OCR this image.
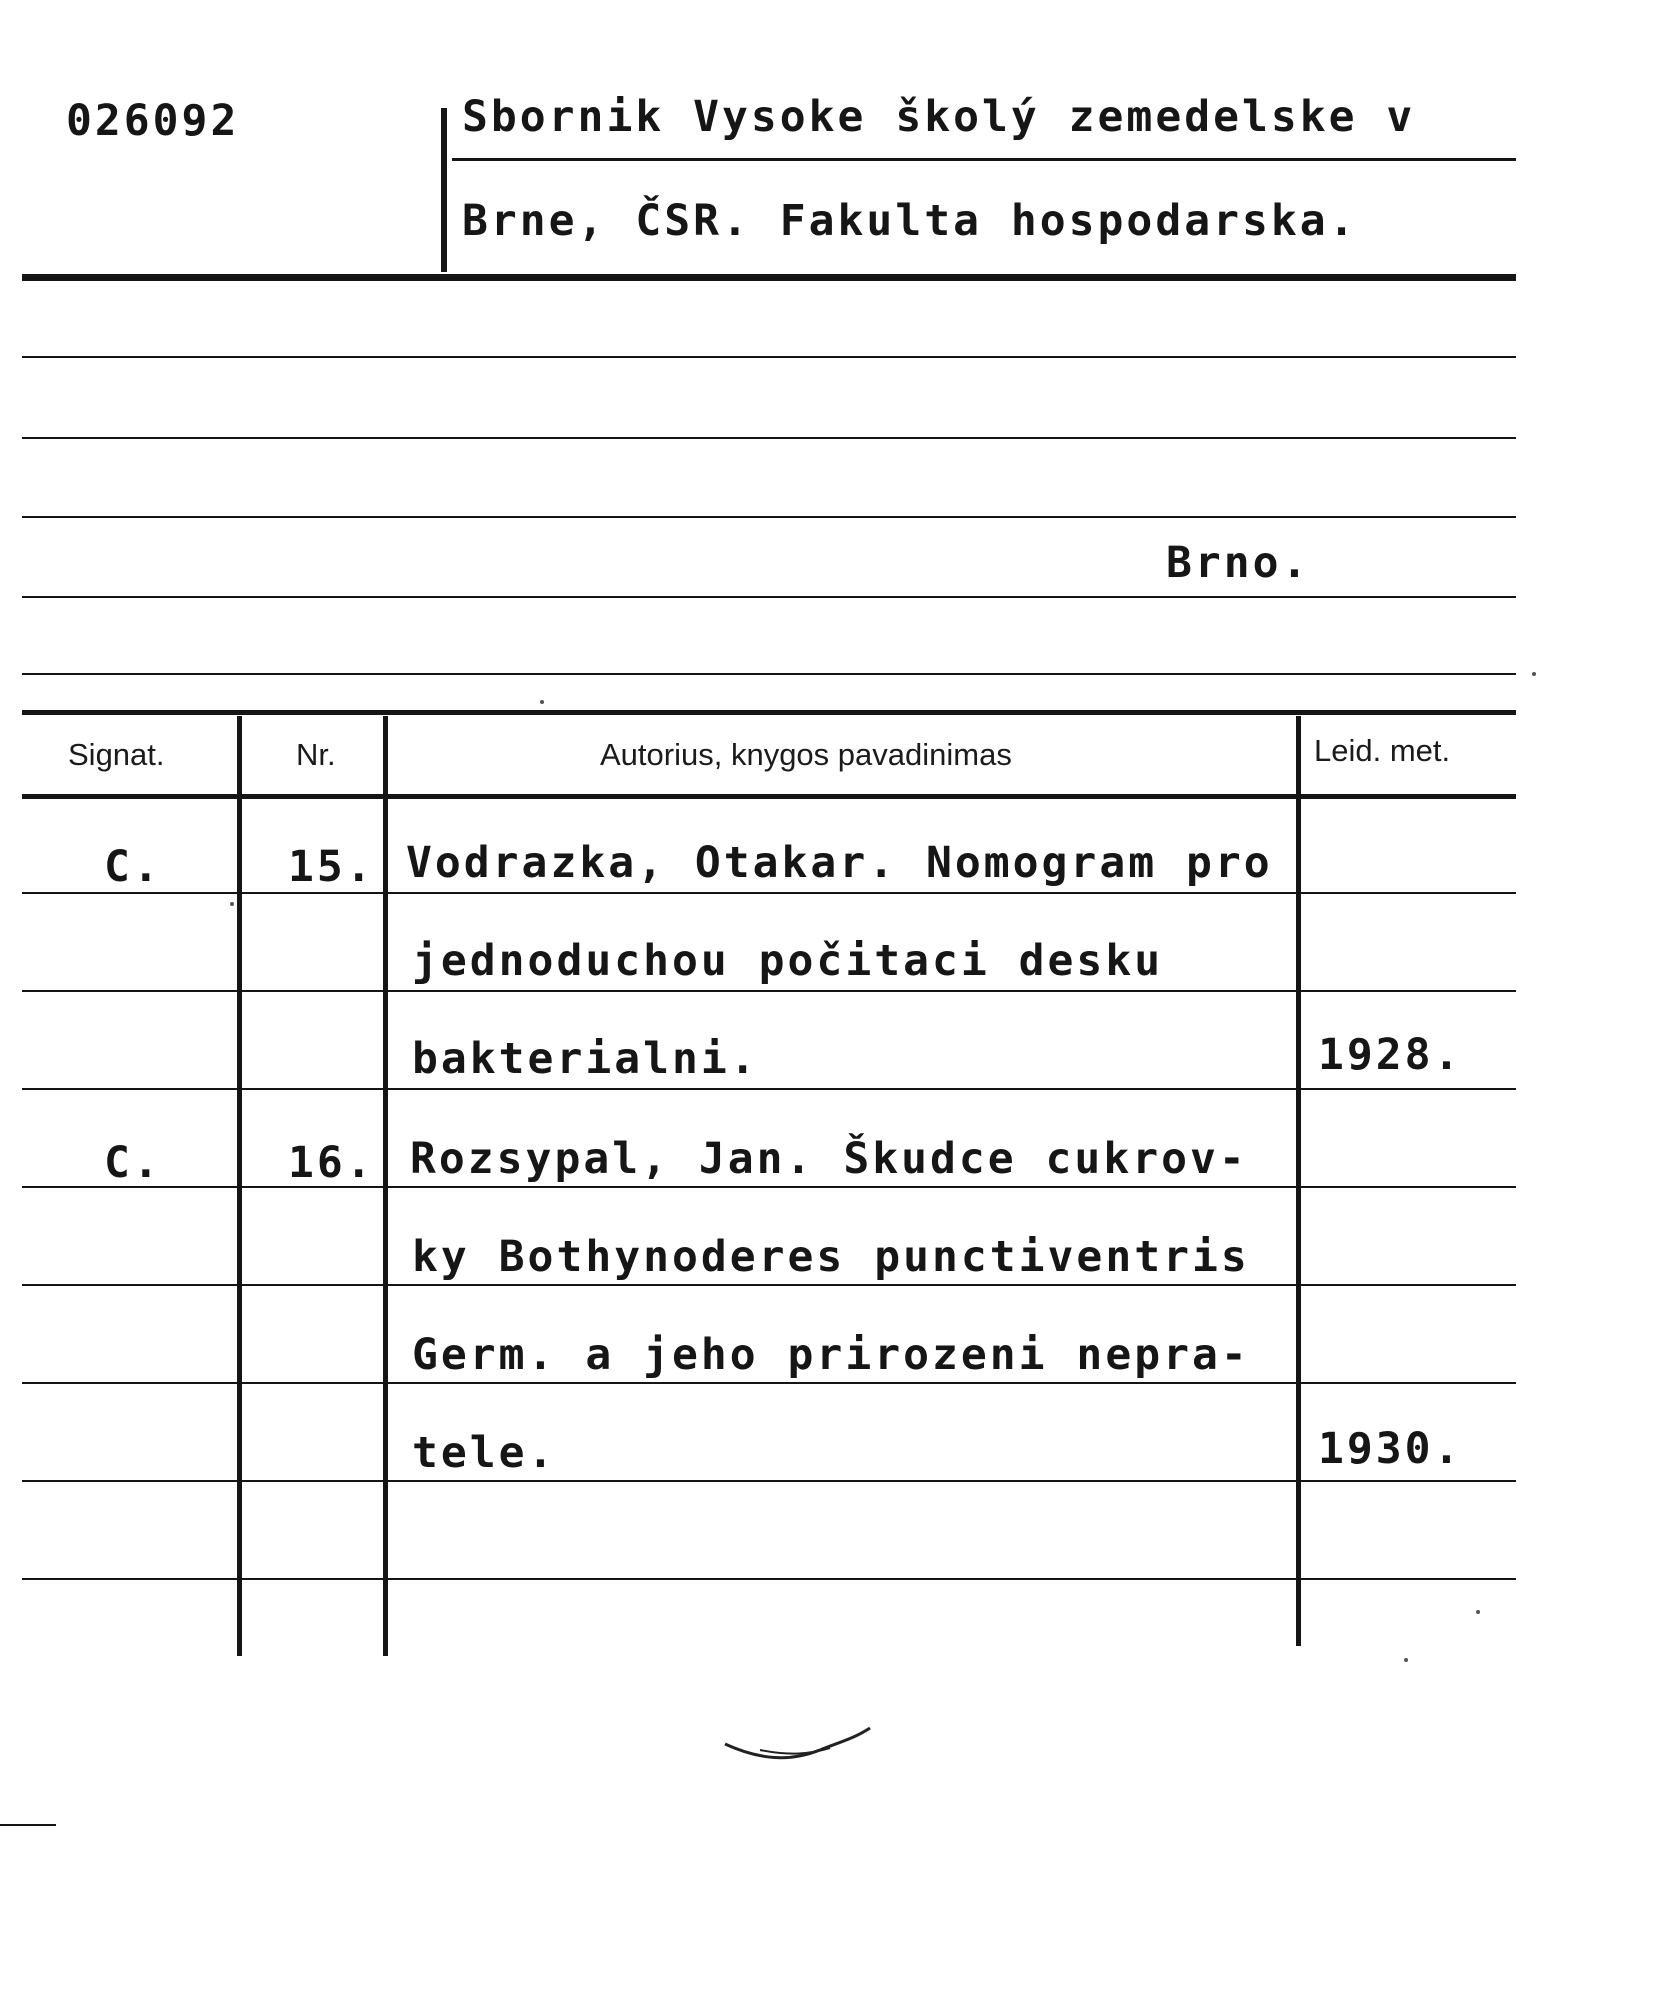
026092	Sbornik Vysoke školý zemedelske v
Brne, ČSR. Fakulta hospodarska.
Brno.
Signat.	Nr.	Autorius, knygos pavadinimas	Leid. met.
C.	15. Vodrazka, Otakar. Nomogram pro
jednoduchou počitaci desku
bakterialni.	1928.
C.	16. Rozsypal, Jan. Škudce cukrov-
ky Bothynoderes punctiventris
Germ. a jeho prirozeni nepra-
tele.	1930.
